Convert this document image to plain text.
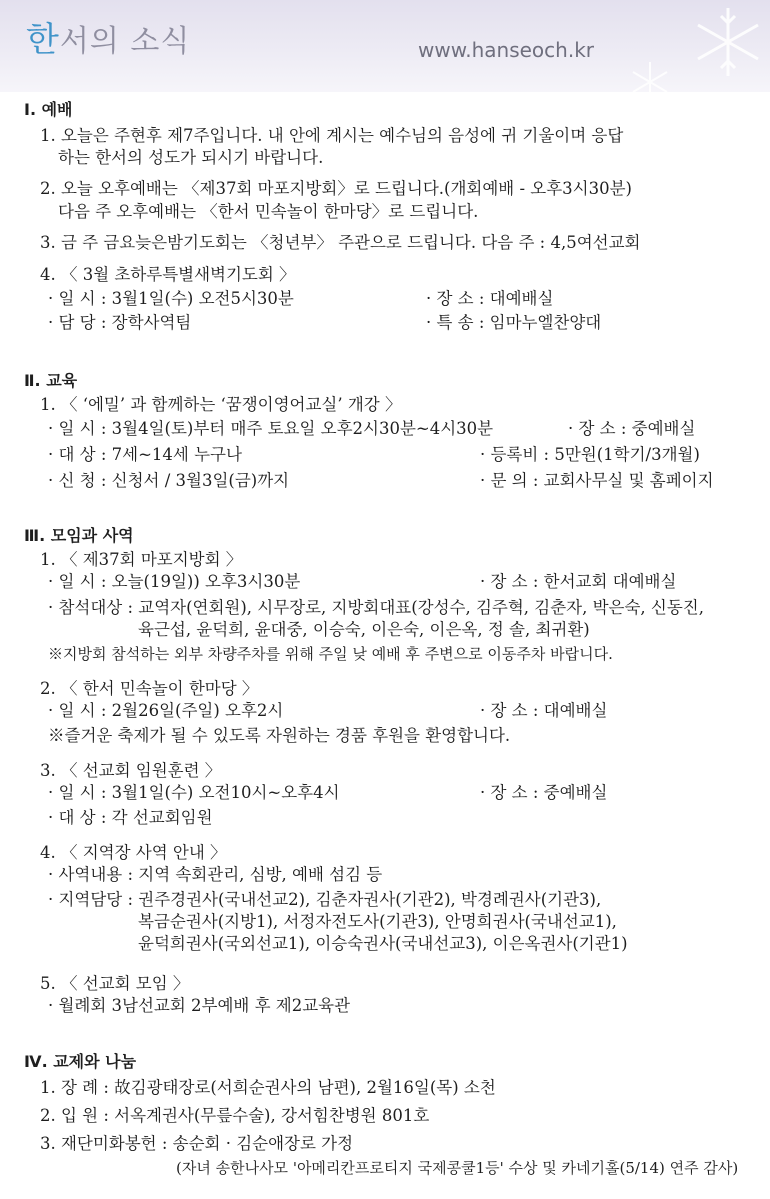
한서의 소식	www.hanseoch.kr
Ⅰ. 예배
1. 오늘은 주현후 제7주입니다. 내 안에 계시는 예수님의 음성에 귀 기울이며 응답
하는 한서의 성도가 되시기 바랍니다.
2. 오늘 오후예배는 〈제37회 마포지방회〉로 드립니다.(개회예배 - 오후3시30분)
다음 주 오후예배는 〈한서 민속놀이 한마당〉로 드립니다.
3. 금 주 금요늦은밤기도회는 〈청년부〉 주관으로 드립니다. 다음 주 : 4,5여선교회
4. 〈 3월 초하루특별새벽기도회 〉
· 일 시 : 3월1일(수) 오전5시30분	· 장 소 : 대예배실
· 담 당 : 장학사역팀	· 특 송 : 임마누엘찬양대
Ⅱ. 교육
1. 〈 ‘에밀’ 과 함께하는 ‘꿈쟁이영어교실’ 개강 〉
· 일 시 : 3월4일(토)부터 매주 토요일 오후2시30분~4시30분	· 장 소 : 중예배실
· 대 상 : 7세~14세 누구나	· 등록비 : 5만원(1학기/3개월)
· 신 청 : 신청서 / 3월3일(금)까지	· 문 의 : 교회사무실 및 홈페이지
Ⅲ. 모임과 사역
1. 〈 제37회 마포지방회 〉
· 일 시 : 오늘(19일)) 오후3시30분	· 장 소 : 한서교회 대예배실
· 참석대상 : 교역자(연회원), 시무장로, 지방회대표(강성수, 김주혁, 김춘자, 박은숙, 신동진,
육근섭, 윤덕희, 윤대중, 이승숙, 이은숙, 이은옥, 정 솔, 최귀환)
※지방회 참석하는 외부 차량주차를 위해 주일 낮 예배 후 주변으로 이동주차 바랍니다.
2. 〈 한서 민속놀이 한마당 〉
· 일 시 : 2월26일(주일) 오후2시	· 장 소 : 대예배실
※즐거운 축제가 될 수 있도록 자원하는 경품 후원을 환영합니다.
3. 〈 선교회 임원훈련 〉
· 일 시 : 3월1일(수) 오전10시~오후4시	· 장 소 : 중예배실
· 대 상 : 각 선교회임원
4. 〈 지역장 사역 안내 〉
· 사역내용 : 지역 속회관리, 심방, 예배 섬김 등
· 지역담당 : 권주경권사(국내선교2), 김춘자권사(기관2), 박경례권사(기관3),
복금순권사(지방1), 서정자전도사(기관3), 안명희권사(국내선교1),
윤덕희권사(국외선교1), 이승숙권사(국내선교3), 이은옥권사(기관1)
5. 〈 선교회 모임 〉
· 월례회 3남선교회 2부예배 후 제2교육관
Ⅳ. 교제와 나눔
1. 장 례 : 故김광태장로(서희순권사의 남편), 2월16일(목) 소천
2. 입 원 : 서옥계권사(무릎수술), 강서힘찬병원 801호
3. 재단미화봉헌 : 송순회 · 김순애장로 가정
(자녀 송한나사모 '아메리칸프로티지 국제콩쿨1등' 수상 및 카네기홀(5/14) 연주 감사)
